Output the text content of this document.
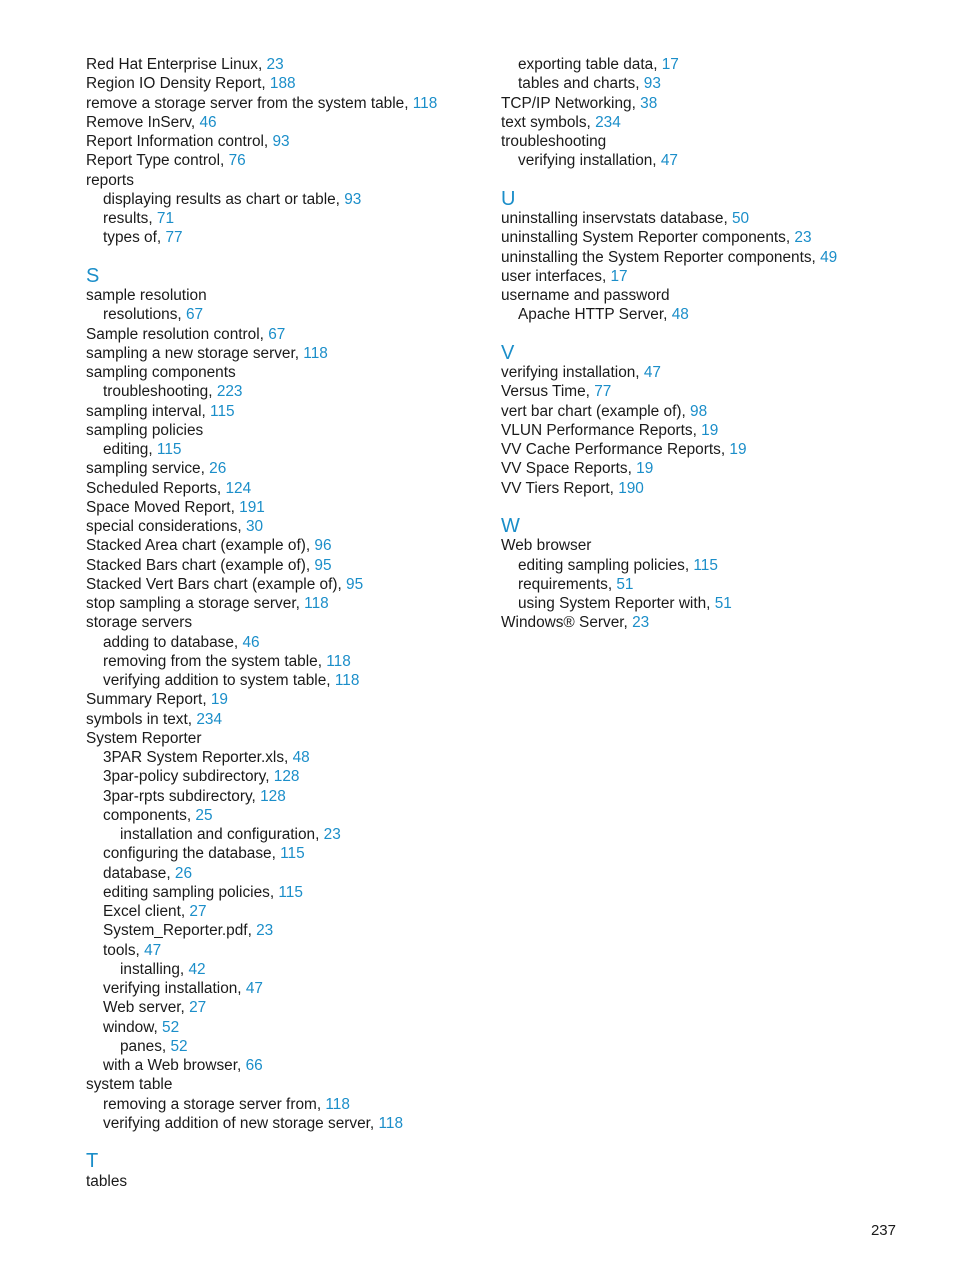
Red Hat Enterprise Linux, 23
Region IO Density Report, 188
remove a storage server from the system table, 118
Remove InServ, 46
Report Information control, 93
Report Type control, 76
reports
displaying results as chart or table, 93
results, 71
types of, 77
S
sample resolution
resolutions, 67
Sample resolution control, 67
sampling a new storage server, 118
sampling components
troubleshooting, 223
sampling interval, 115
sampling policies
editing, 115
sampling service, 26
Scheduled Reports, 124
Space Moved Report, 191
special considerations, 30
Stacked Area chart (example of), 96
Stacked Bars chart (example of), 95
Stacked Vert Bars chart (example of), 95
stop sampling a storage server, 118
storage servers
adding to database, 46
removing from the system table, 118
verifying addition to system table, 118
Summary Report, 19
symbols in text, 234
System Reporter
3PAR System Reporter.xls, 48
3par-policy subdirectory, 128
3par-rpts subdirectory, 128
components, 25
installation and configuration, 23
configuring the database, 115
database, 26
editing sampling policies, 115
Excel client, 27
System_Reporter.pdf, 23
tools, 47
installing, 42
verifying installation, 47
Web server, 27
window, 52
panes, 52
with a Web browser, 66
system table
removing a storage server from, 118
verifying addition of new storage server, 118
T
tables
exporting table data, 17
tables and charts, 93
TCP/IP Networking, 38
text symbols, 234
troubleshooting
verifying installation, 47
U
uninstalling inservstats database, 50
uninstalling System Reporter components, 23
uninstalling the System Reporter components, 49
user interfaces, 17
username and password
Apache HTTP Server, 48
V
verifying installation, 47
Versus Time, 77
vert bar chart (example of), 98
VLUN Performance Reports, 19
VV Cache Performance Reports, 19
VV Space Reports, 19
VV Tiers Report, 190
W
Web browser
editing sampling policies, 115
requirements, 51
using System Reporter with, 51
Windows® Server, 23
237
